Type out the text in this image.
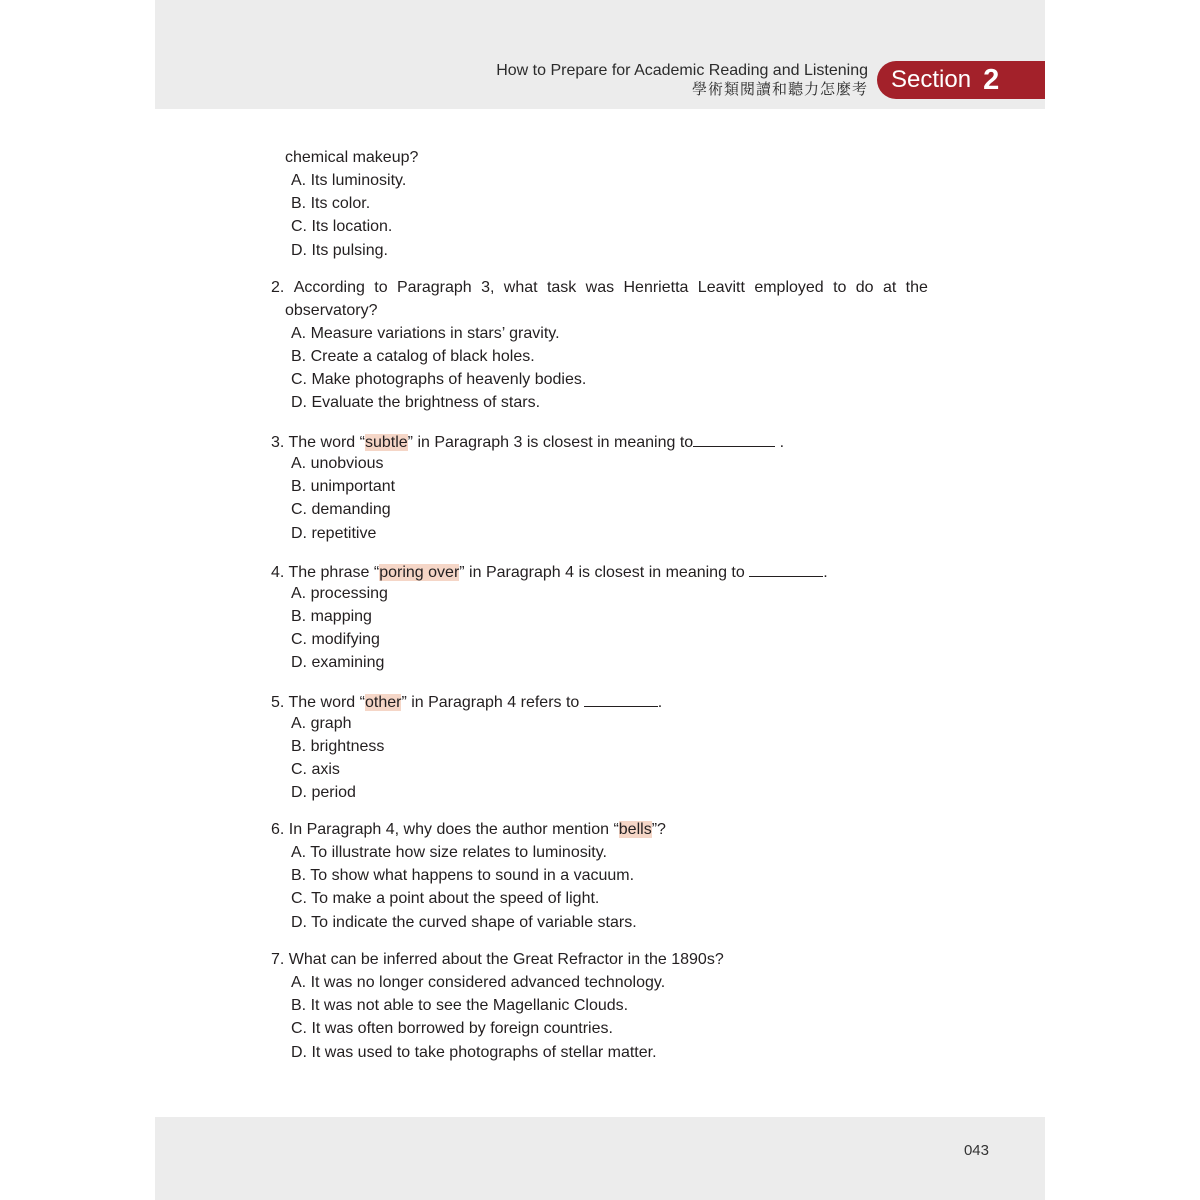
How to Prepare for Academic Reading and Listening
學術類閱讀和聽力怎麼考 Section 2
chemical makeup?
A. Its luminosity.
B. Its color.
C. Its location.
D. Its pulsing.
2. According to Paragraph 3, what task was Henrietta Leavitt employed to do at the
observatory?
A. Measure variations in stars’ gravity.
B. Create a catalog of black holes.
C. Make photographs of heavenly bodies.
D. Evaluate the brightness of stars.
3. The word “subtle” in Paragraph 3 is closest in meaning to	.
A. unobvious
B. unimportant
C. demanding
D. repetitive
4. The phrase “poring over” in Paragraph 4 is closest in meaning to	.
A. processing
B. mapping
C. modifying
D. examining
5. The word “other” in Paragraph 4 refers to	.
A. graph
B. brightness
C. axis
D. period
6. In Paragraph 4, why does the author mention “bells”?
A. To illustrate how size relates to luminosity.
B. To show what happens to sound in a vacuum.
C. To make a point about the speed of light.
D. To indicate the curved shape of variable stars.
7. What can be inferred about the Great Refractor in the 1890s?
A. It was no longer considered advanced technology.
B. It was not able to see the Magellanic Clouds.
C. It was often borrowed by foreign countries.
D. It was used to take photographs of stellar matter.
043
